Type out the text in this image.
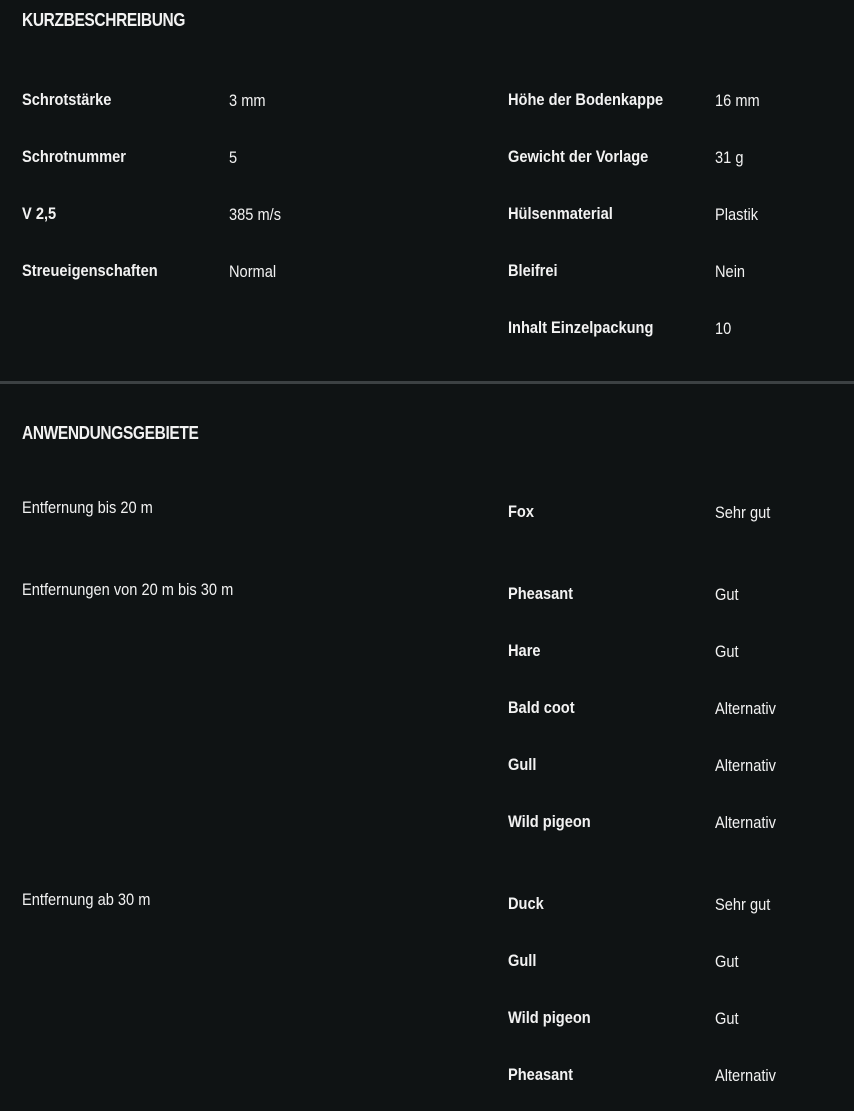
KURZBESCHREIBUNG
Schrotstärke	3 mm
Schrotnummer	5
V 2,5	385 m/s
Streueigenschaften	Normal
Höhe der Bodenkappe	16 mm
Gewicht der Vorlage	31 g
Hülsenmaterial	Plastik
Bleifrei	Nein
Inhalt Einzelpackung	10
ANWENDUNGSGEBIETE
Entfernung bis 20 m	Fox	Sehr gut
Entfernungen von 20 m bis 30 m	Pheasant	Gut
Hare	Gut
Bald coot	Alternativ
Gull	Alternativ
Wild pigeon	Alternativ
Entfernung ab 30 m	Duck	Sehr gut
Gull	Gut
Wild pigeon	Gut
Pheasant	Alternativ
